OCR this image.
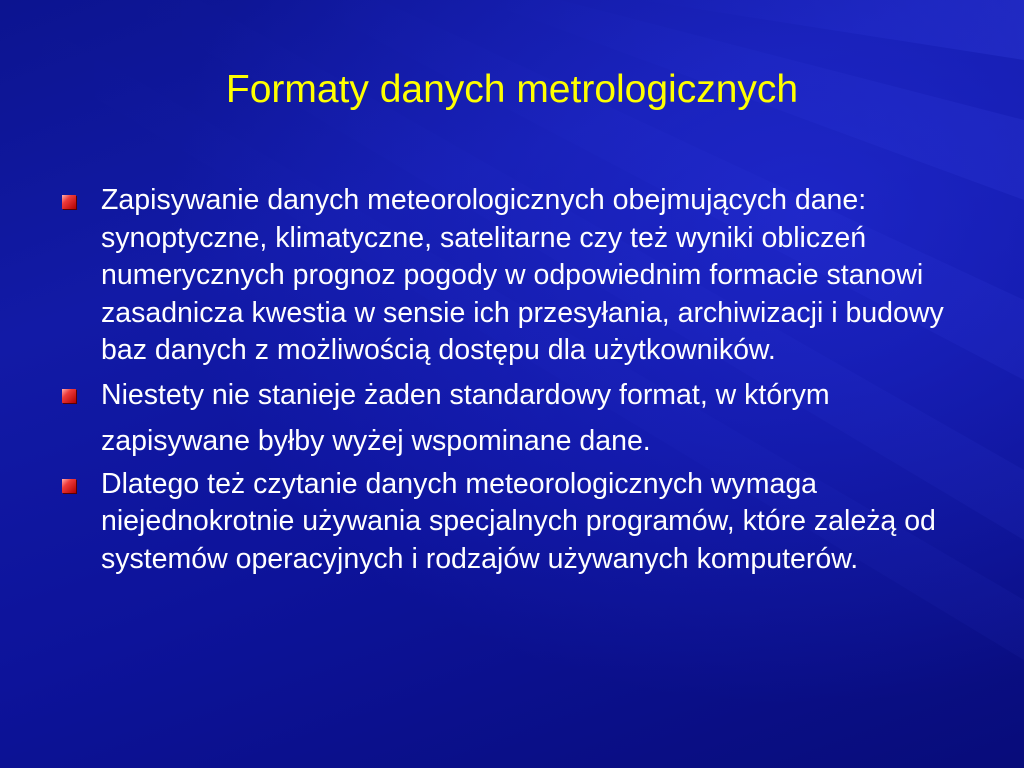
Formaty danych metrologicznych
Zapisywanie danych meteorologicznych obejmujących dane: synoptyczne, klimatyczne, satelitarne czy też wyniki obliczeń numerycznych prognoz pogody w odpowiednim formacie stanowi zasadnicza kwestia w sensie ich przesyłania, archiwizacji i budowy baz danych z możliwością dostępu dla użytkowników.
Niestety nie stanieje żaden standardowy format, w którym zapisywane byłby wyżej wspominane dane.
Dlatego też czytanie danych meteorologicznych wymaga niejednokrotnie używania specjalnych programów, które zależą od systemów operacyjnych i rodzajów używanych komputerów.
